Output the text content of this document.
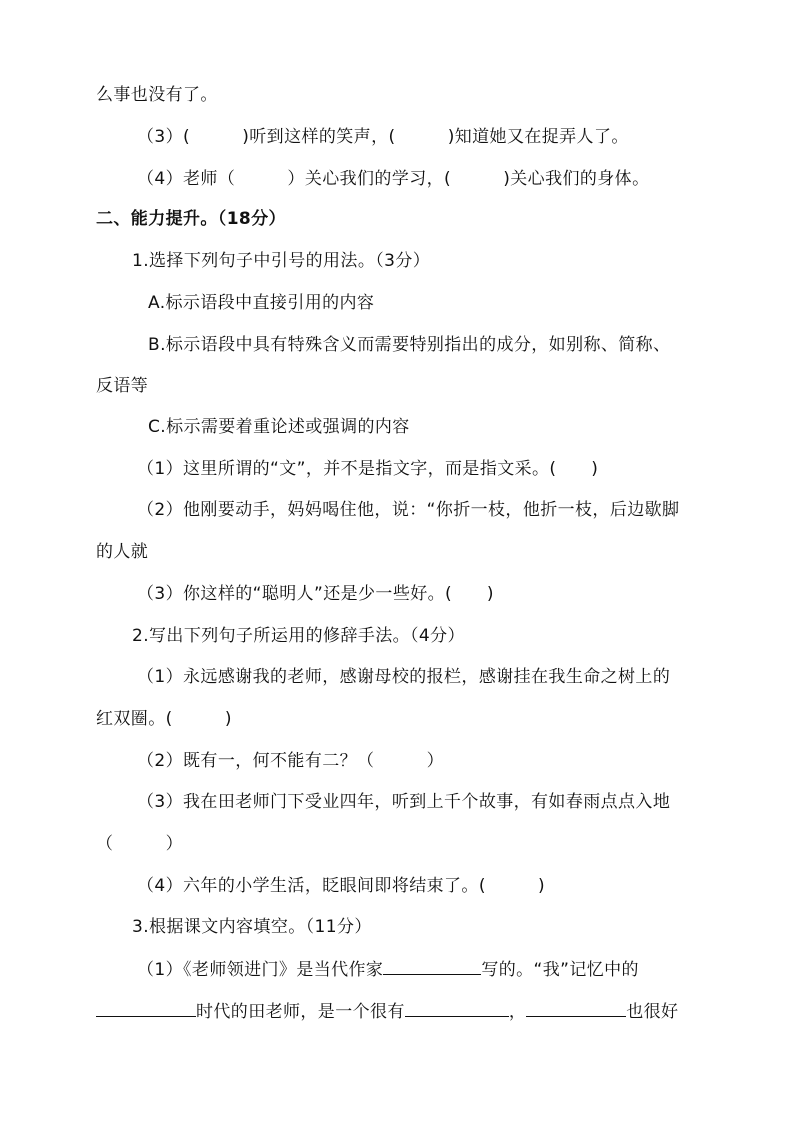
么事也没有了。
（3）(　　　)听到这样的笑声，(　　　)知道她又在捉弄人了。
（4）老师（　　　）关心我们的学习，(　　　)关心我们的身体。
二、能力提升。（18分）
1.选择下列句子中引号的用法。（3分）
A.标示语段中直接引用的内容
B.标示语段中具有特殊含义而需要特别指出的成分，如别称、简称、
反语等
C.标示需要着重论述或强调的内容
（1）这里所谓的“文”，并不是指文字，而是指文采。(　　)
（2）他刚要动手，妈妈喝住他，说：“你折一枝，他折一枝，后边歇脚
的人就
（3）你这样的“聪明人”还是少一些好。(　　)
2.写出下列句子所运用的修辞手法。（4分）
（1）永远感谢我的老师，感谢母校的报栏，感谢挂在我生命之树上的
红双圈。(　　　)
（2）既有一，何不能有二？（　　　）
（3）我在田老师门下受业四年，听到上千个故事，有如春雨点点入地
（　　　）
（4）六年的小学生活，眨眼间即将结束了。(　　　)
3.根据课文内容填空。（11分）
（1）《老师领进门》是当代作家	写的。“我”记忆中的
时代的田老师，是一个很有	，	也很好
